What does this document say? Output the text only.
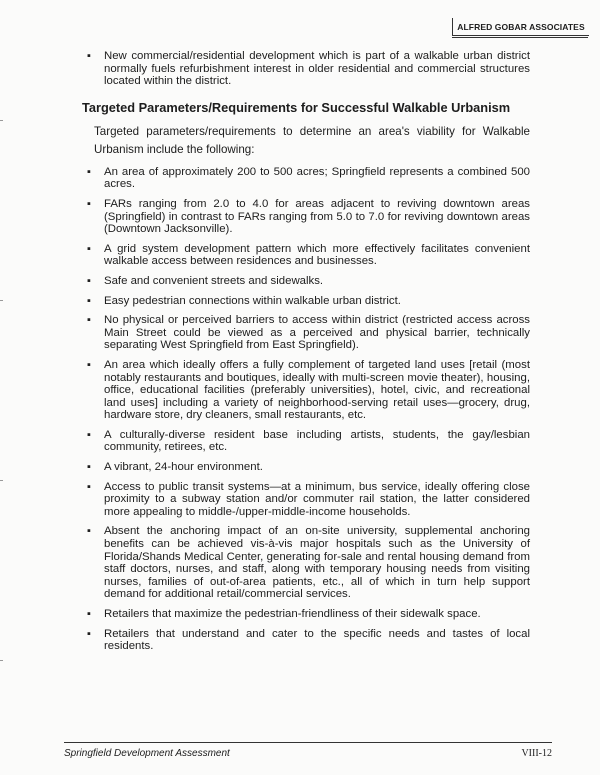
ALFRED GOBAR ASSOCIATES
▪ New commercial/residential development which is part of a walkable urban district normally fuels refurbishment interest in older residential and commercial structures located within the district.
Targeted Parameters/Requirements for Successful Walkable Urbanism
Targeted parameters/requirements to determine an area's viability for Walkable Urbanism include the following:
▪ An area of approximately 200 to 500 acres; Springfield represents a combined 500 acres.
▪ FARs ranging from 2.0 to 4.0 for areas adjacent to reviving downtown areas (Springfield) in contrast to FARs ranging from 5.0 to 7.0 for reviving downtown areas (Downtown Jacksonville).
▪ A grid system development pattern which more effectively facilitates convenient walkable access between residences and businesses.
▪ Safe and convenient streets and sidewalks.
▪ Easy pedestrian connections within walkable urban district.
▪ No physical or perceived barriers to access within district (restricted access across Main Street could be viewed as a perceived and physical barrier, technically separating West Springfield from East Springfield).
▪ An area which ideally offers a fully complement of targeted land uses [retail (most notably restaurants and boutiques, ideally with multi-screen movie theater), housing, office, educational facilities (preferably universities), hotel, civic, and recreational land uses] including a variety of neighborhood-serving retail uses—grocery, drug, hardware store, dry cleaners, small restaurants, etc.
▪ A culturally-diverse resident base including artists, students, the gay/lesbian community, retirees, etc.
▪ A vibrant, 24-hour environment.
▪ Access to public transit systems—at a minimum, bus service, ideally offering close proximity to a subway station and/or commuter rail station, the latter considered more appealing to middle-/upper-middle-income households.
▪ Absent the anchoring impact of an on-site university, supplemental anchoring benefits can be achieved vis-à-vis major hospitals such as the University of Florida/Shands Medical Center, generating for-sale and rental housing demand from staff doctors, nurses, and staff, along with temporary housing needs from visiting nurses, families of out-of-area patients, etc., all of which in turn help support demand for additional retail/commercial services.
▪ Retailers that maximize the pedestrian-friendliness of their sidewalk space.
▪ Retailers that understand and cater to the specific needs and tastes of local residents.
Springfield Development Assessment	VIII-12
